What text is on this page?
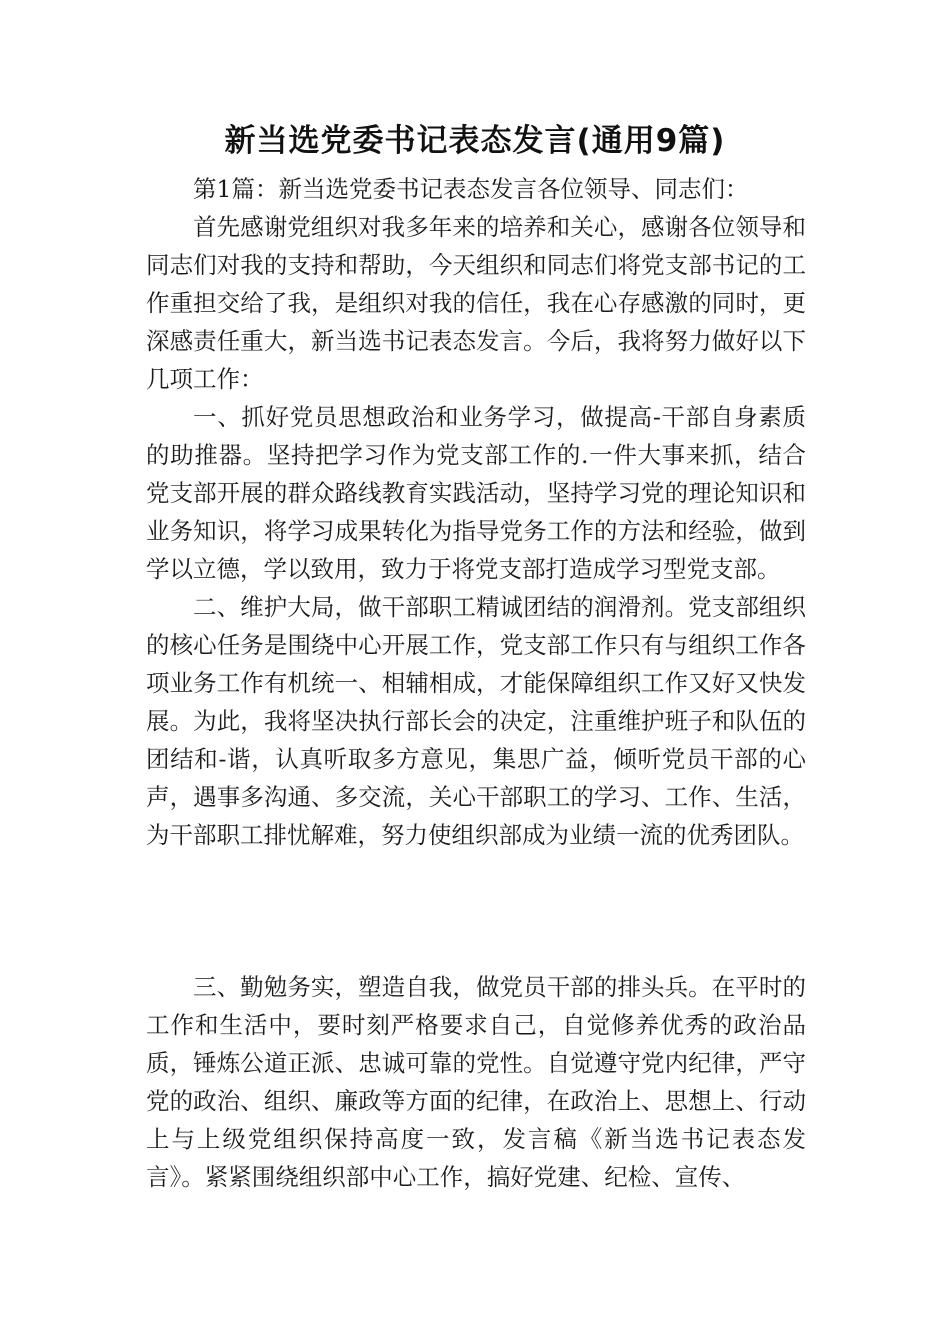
新当选党委书记表态发言(通用9篇)

第1篇：新当选党委书记表态发言各位领导、同志们：

首先感谢党组织对我多年来的培养和关心，感谢各位领导和同志们对我的支持和帮助，今天组织和同志们将党支部书记的工作重担交给了我，是组织对我的信任，我在心存感激的同时，更深感责任重大，新当选书记表态发言。今后，我将努力做好以下几项工作：

一、抓好党员思想政治和业务学习，做提高-干部自身素质的助推器。坚持把学习作为党支部工作的.一件大事来抓，结合党支部开展的群众路线教育实践活动，坚持学习党的理论知识和业务知识，将学习成果转化为指导党务工作的方法和经验，做到学以立德，学以致用，致力于将党支部打造成学习型党支部。

二、维护大局，做干部职工精诚团结的润滑剂。党支部组织的核心任务是围绕中心开展工作，党支部工作只有与组织工作各项业务工作有机统一、相辅相成，才能保障组织工作又好又快发展。为此，我将坚决执行部长会的决定，注重维护班子和队伍的团结和-谐，认真听取多方意见，集思广益，倾听党员干部的心声，遇事多沟通、多交流，关心干部职工的学习、工作、生活，为干部职工排忧解难，努力使组织部成为业绩一流的优秀团队。

三、勤勉务实，塑造自我，做党员干部的排头兵。在平时的工作和生活中，要时刻严格要求自己，自觉修养优秀的政治品质，锤炼公道正派、忠诚可靠的党性。自觉遵守党内纪律，严守党的政治、组织、廉政等方面的纪律，在政治上、思想上、行动上与上级党组织保持高度一致，发言稿《新当选书记表态发言》。紧紧围绕组织部中心工作，搞好党建、纪检、宣传、
